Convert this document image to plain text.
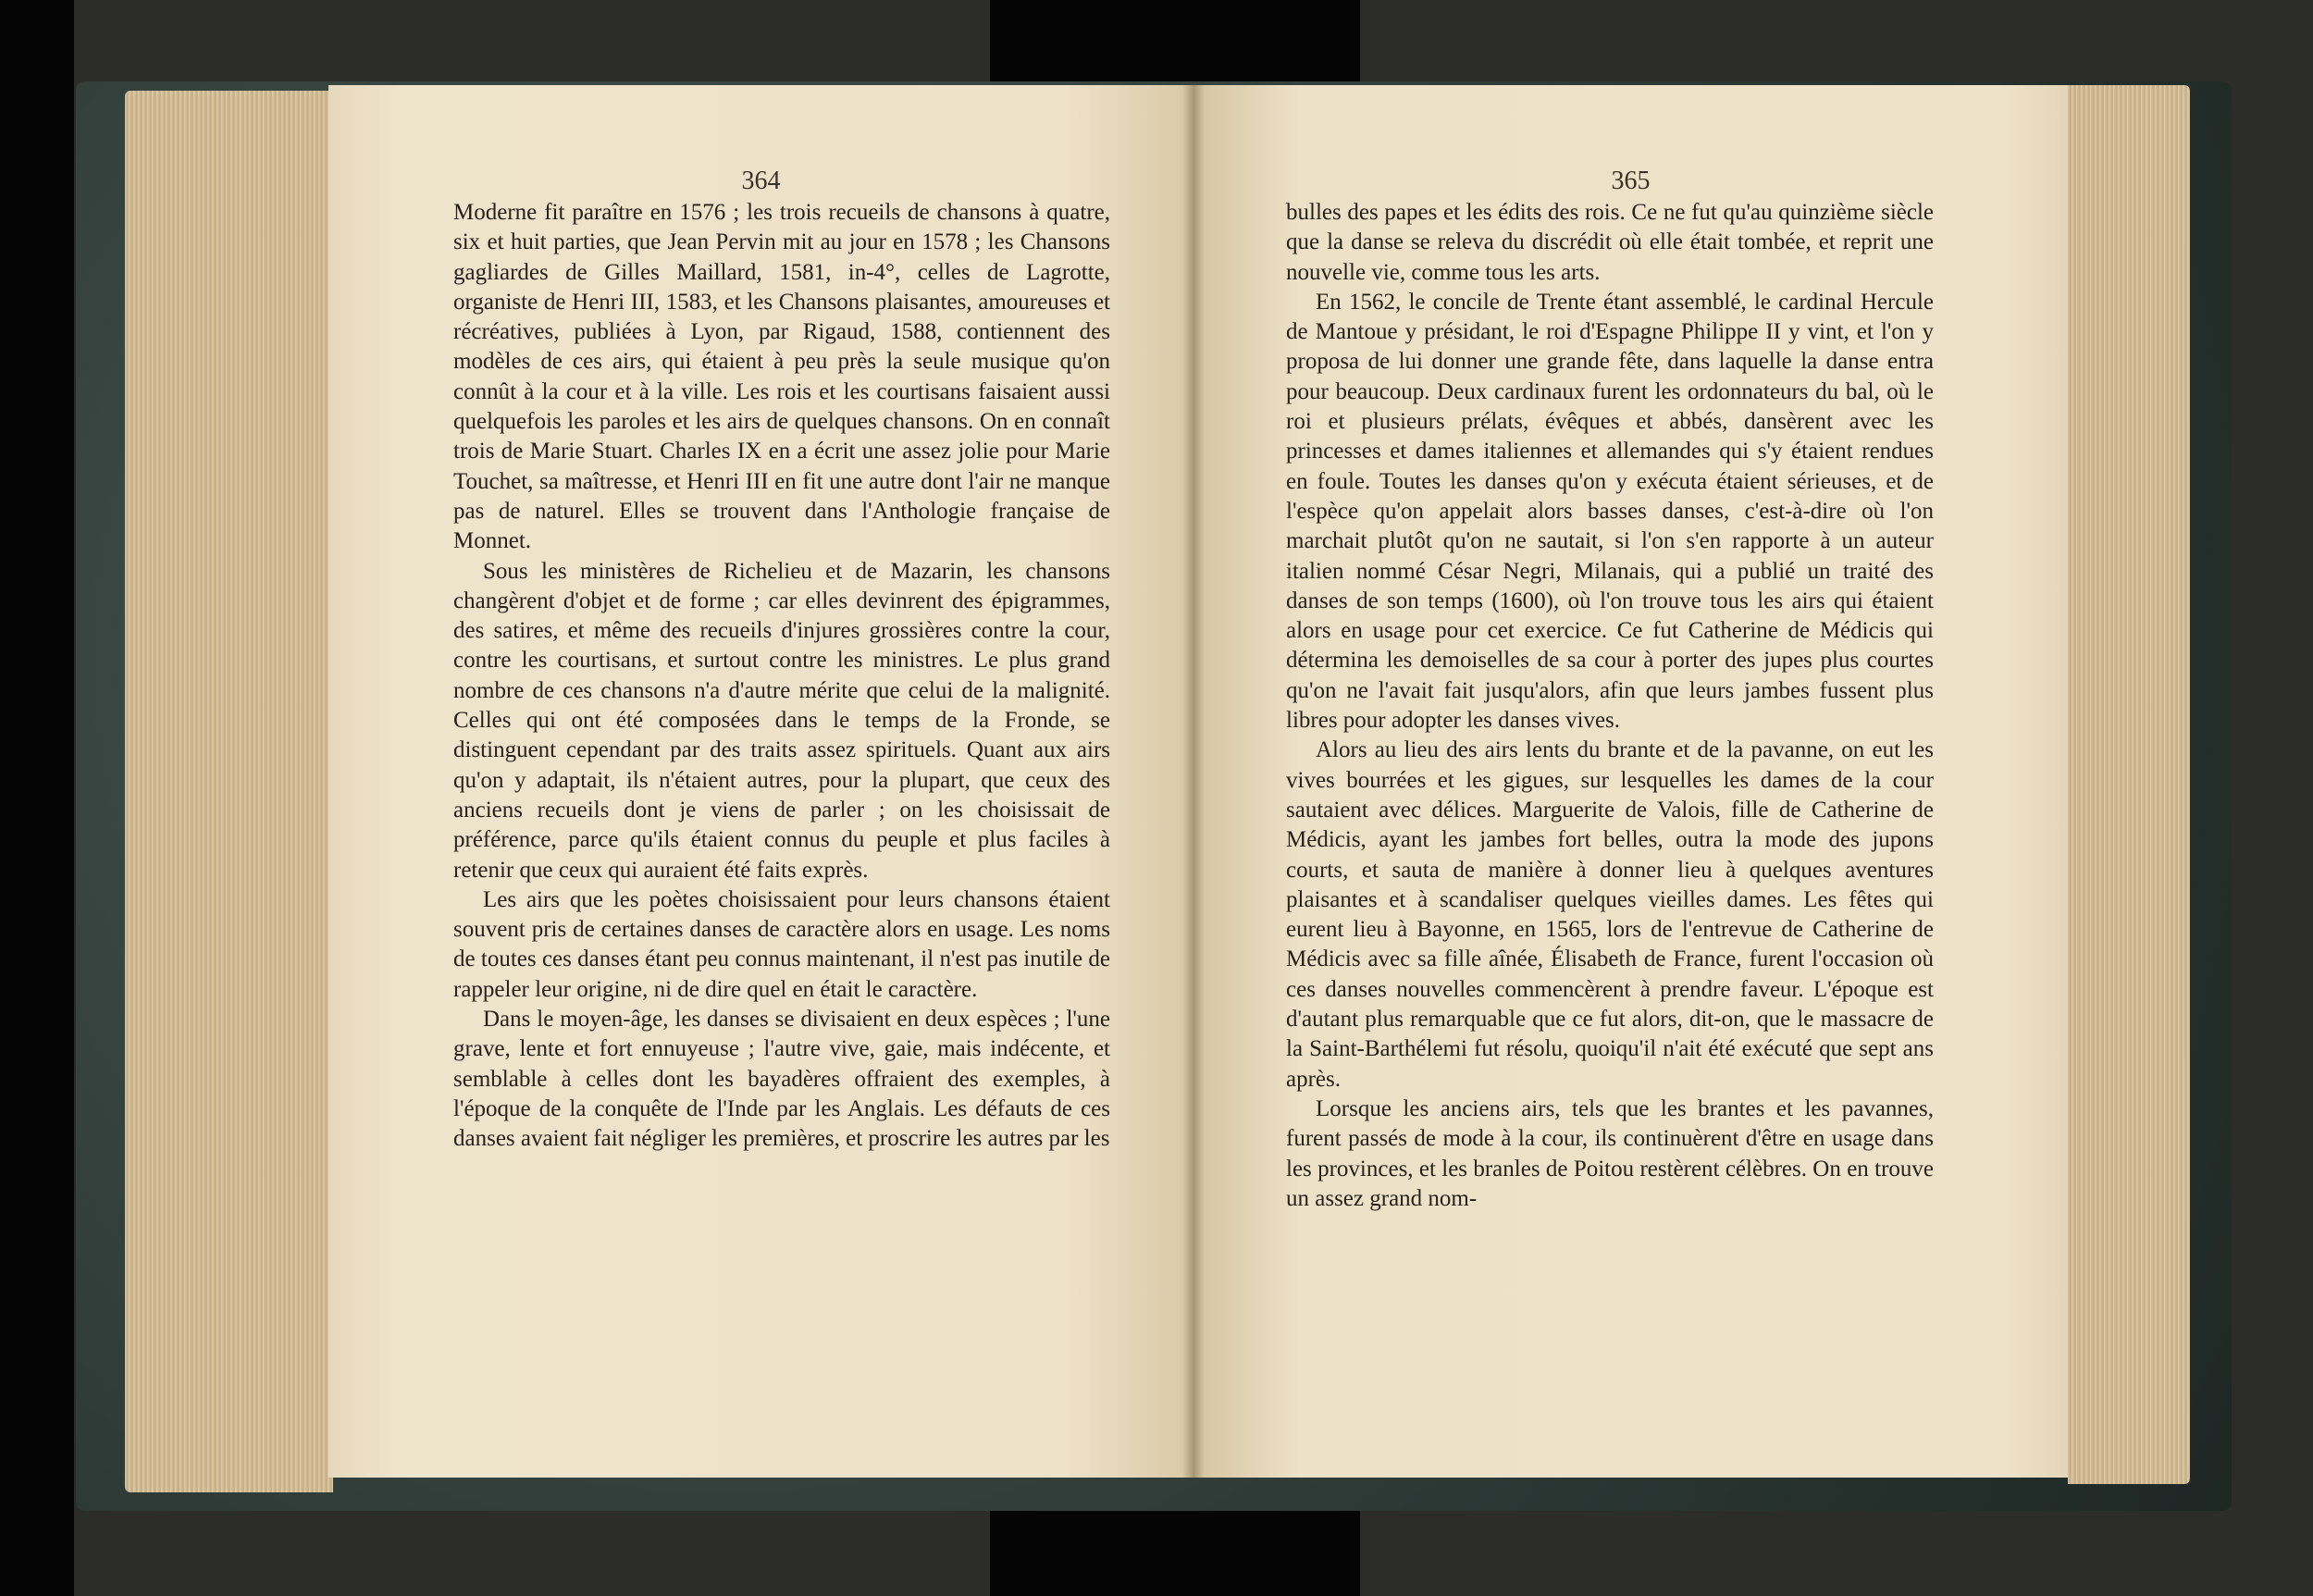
364

Moderne fit paraître en 1576 ; les trois recueils de chansons à quatre, six et huit parties, que Jean Pervin mit au jour en 1578 ; les Chansons gagliardes de Gilles Maillard, 1581, in-4°, celles de Lagrotte, organiste de Henri III, 1583, et les Chansons plaisantes, amoureuses et récréatives, publiées à Lyon, par Rigaud, 1588, contiennent des modèles de ces airs, qui étaient à peu près la seule musique qu'on connût à la cour et à la ville. Les rois et les courtisans faisaient aussi quelquefois les paroles et les airs de quelques chansons. On en connaît trois de Marie Stuart. Charles IX en a écrit une assez jolie pour Marie Touchet, sa maîtresse, et Henri III en fit une autre dont l'air ne manque pas de naturel. Elles se trouvent dans l'Anthologie française de Monnet.

Sous les ministères de Richelieu et de Mazarin, les chansons changèrent d'objet et de forme ; car elles devinrent des épigrammes, des satires, et même des recueils d'injures grossières contre la cour, contre les courtisans, et surtout contre les ministres. Le plus grand nombre de ces chansons n'a d'autre mérite que celui de la malignité. Celles qui ont été composées dans le temps de la Fronde, se distinguent cependant par des traits assez spirituels. Quant aux airs qu'on y adaptait, ils n'étaient autres, pour la plupart, que ceux des anciens recueils dont je viens de parler ; on les choisissait de préférence, parce qu'ils étaient connus du peuple et plus faciles à retenir que ceux qui auraient été faits exprès.

Les airs que les poètes choisissaient pour leurs chansons étaient souvent pris de certaines danses de caractère alors en usage. Les noms de toutes ces danses étant peu connus maintenant, il n'est pas inutile de rappeler leur origine, ni de dire quel en était le caractère.

Dans le moyen-âge, les danses se divisaient en deux espèces ; l'une grave, lente et fort ennuyeuse ; l'autre vive, gaie, mais indécente, et semblable à celles dont les bayadères offraient des exemples, à l'époque de la conquête de l'Inde par les Anglais. Les défauts de ces danses avaient fait négliger les premières, et proscrire les autres par les

365

bulles des papes et les édits des rois. Ce ne fut qu'au quinzième siècle que la danse se releva du discrédit où elle était tombée, et reprit une nouvelle vie, comme tous les arts.

En 1562, le concile de Trente étant assemblé, le cardinal Hercule de Mantoue y présidant, le roi d'Espagne Philippe II y vint, et l'on y proposa de lui donner une grande fête, dans laquelle la danse entra pour beaucoup. Deux cardinaux furent les ordonnateurs du bal, où le roi et plusieurs prélats, évêques et abbés, dansèrent avec les princesses et dames italiennes et allemandes qui s'y étaient rendues en foule. Toutes les danses qu'on y exécuta étaient sérieuses, et de l'espèce qu'on appelait alors basses danses, c'est-à-dire où l'on marchait plutôt qu'on ne sautait, si l'on s'en rapporte à un auteur italien nommé César Negri, Milanais, qui a publié un traité des danses de son temps (1600), où l'on trouve tous les airs qui étaient alors en usage pour cet exercice. Ce fut Catherine de Médicis qui détermina les demoiselles de sa cour à porter des jupes plus courtes qu'on ne l'avait fait jusqu'alors, afin que leurs jambes fussent plus libres pour adopter les danses vives.

Alors au lieu des airs lents du brante et de la pavanne, on eut les vives bourrées et les gigues, sur lesquelles les dames de la cour sautaient avec délices. Marguerite de Valois, fille de Catherine de Médicis, ayant les jambes fort belles, outra la mode des jupons courts, et sauta de manière à donner lieu à quelques aventures plaisantes et à scandaliser quelques vieilles dames. Les fêtes qui eurent lieu à Bayonne, en 1565, lors de l'entrevue de Catherine de Médicis avec sa fille aînée, Élisabeth de France, furent l'occasion où ces danses nouvelles commencèrent à prendre faveur. L'époque est d'autant plus remarquable que ce fut alors, dit-on, que le massacre de la Saint-Barthélemi fut résolu, quoiqu'il n'ait été exécuté que sept ans après.

Lorsque les anciens airs, tels que les brantes et les pavannes, furent passés de mode à la cour, ils continuèrent d'être en usage dans les provinces, et les branles de Poitou restèrent célèbres. On en trouve un assez grand nom-
